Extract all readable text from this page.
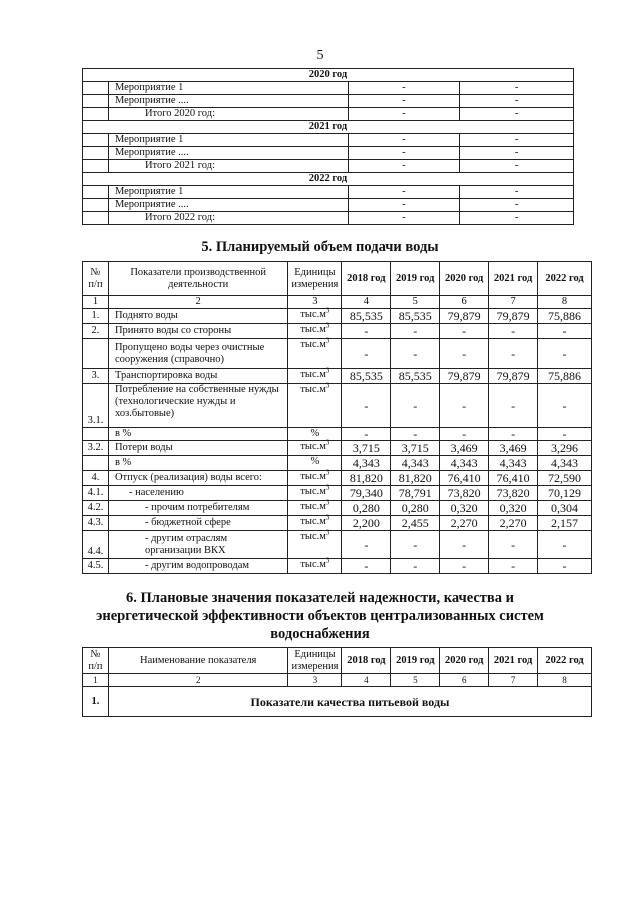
5
2020 год			
	Мероприятие 1	-	-
	Мероприятие ....	-	-
	Итого 2020 год:	-	-
2021 год			
	Мероприятие 1	-	-
	Мероприятие ....	-	-
	Итого 2021 год:	-	-
2022 год			
	Мероприятие 1	-	-
	Мероприятие ....	-	-
	Итого 2022 год:	-	-
5. Планируемый объем подачи воды
№ п/п	Показатели производственной деятельности	Единицы измерения	2018 год	2019 год	2020 год	2021 год	2022 год
1	2	3	4	5	6	7	8
1.	Поднято воды	$тыс.м^3$	85,535	85,535	79,879	79,879	75,886
2.	Принято воды со стороны	$тыс.м^3$	-	-	-	-	-
	Пропущено воды через очистные сооружения (справочно)	$тыс.м^3$	-	-	-	-	-
3.	Транспортировка воды	$тыс.м^3$	85,535	85,535	79,879	79,879	75,886
3.1.	Потребление на собственные нужды (технологические нужды и хоз.бытовые)	$тыс.м^3$	-	-	-	-	-
	в %	%	-	-	-	-	-
3.2.	Потери воды	$тыс.м^3$	3,715	3,715	3,469	3,469	3,296
	в %	%	4,343	4,343	4,343	4,343	4,343
4.	Отпуск (реализация) воды всего:	$тыс.м^3$	81,820	81,820	76,410	76,410	72,590
4.1.	- населению	$тыс.м^3$	79,340	78,791	73,820	73,820	70,129
4.2.	- прочим потребителям	$тыс.м^3$	0,280	0,280	0,320	0,320	0,304
4.3.	- бюджетной сфере	$тыс.м^3$	2,200	2,455	2,270	2,270	2,157
4.4.	- другим отраслям организации ВКХ	$тыс.м^3$	-	-	-	-	-
4.5.	- другим водопроводам	$тыс.м^3$	-	-	-	-	-
6. Плановые значения показателей надежности, качества и
энергетической эффективности объектов централизованных систем
водоснабжения
№ п/п	Наименование показателя	Единицы измерения	2018 год	2019 год	2020 год	2021 год	2022 год
1	2	3	4	5	6	7	8
1.	Показатели качества питьевой воды						
